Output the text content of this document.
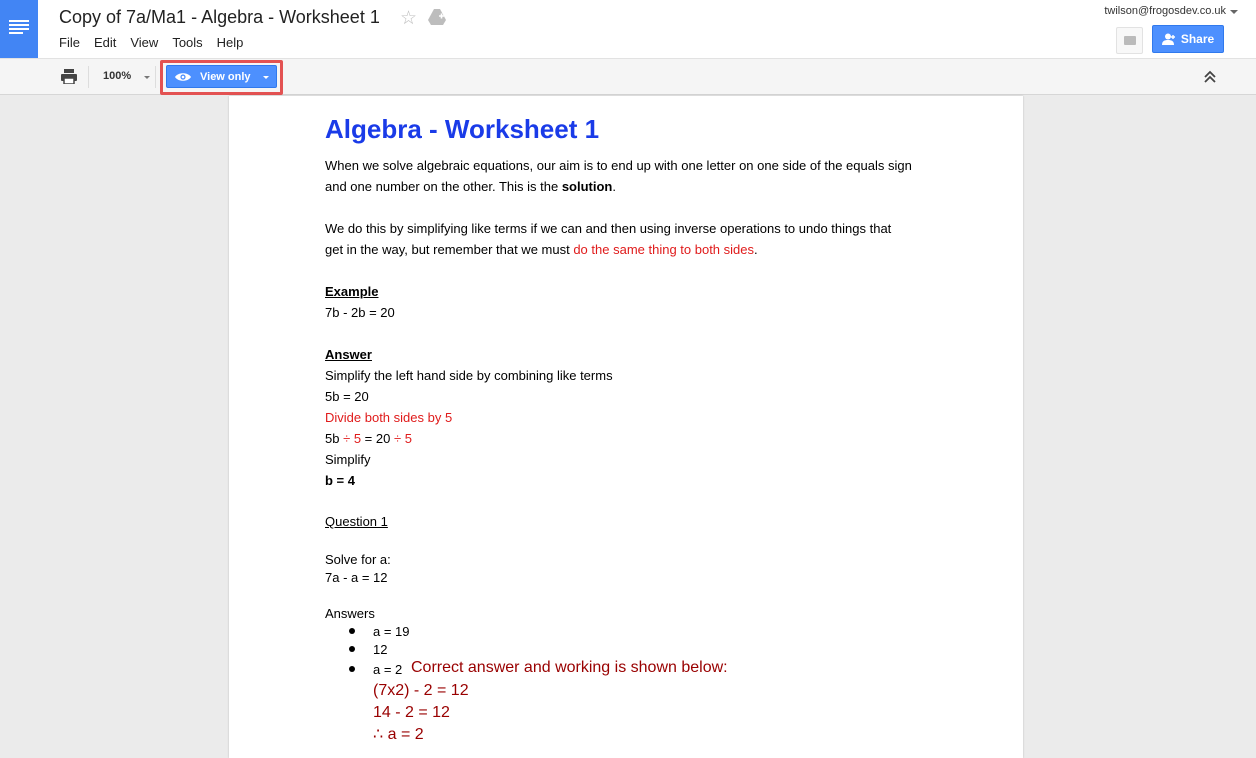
Copy of 7a/Ma1 - Algebra - Worksheet 1 ☆
File Edit View Tools Help
twilson@frogosdev.co.uk
Share
100%	View only
Algebra - Worksheet 1
When we solve algebraic equations, our aim is to end up with one letter on one side of the equals sign
and one number on the other. This is the solution.
We do this by simplifying like terms if we can and then using inverse operations to undo things that
get in the way, but remember that we must do the same thing to both sides.
Example
7b - 2b = 20
Answer
Simplify the left hand side by combining like terms
5b = 20
Divide both sides by 5
5b ÷ 5 = 20 ÷ 5
Simplify
b = 4
Question 1
Solve for a:
7a - a = 12
Answers
a = 19
12
a = 2 Correct answer and working is shown below:
(7x2) - 2 = 12
14 - 2 = 12
∴ a = 2
